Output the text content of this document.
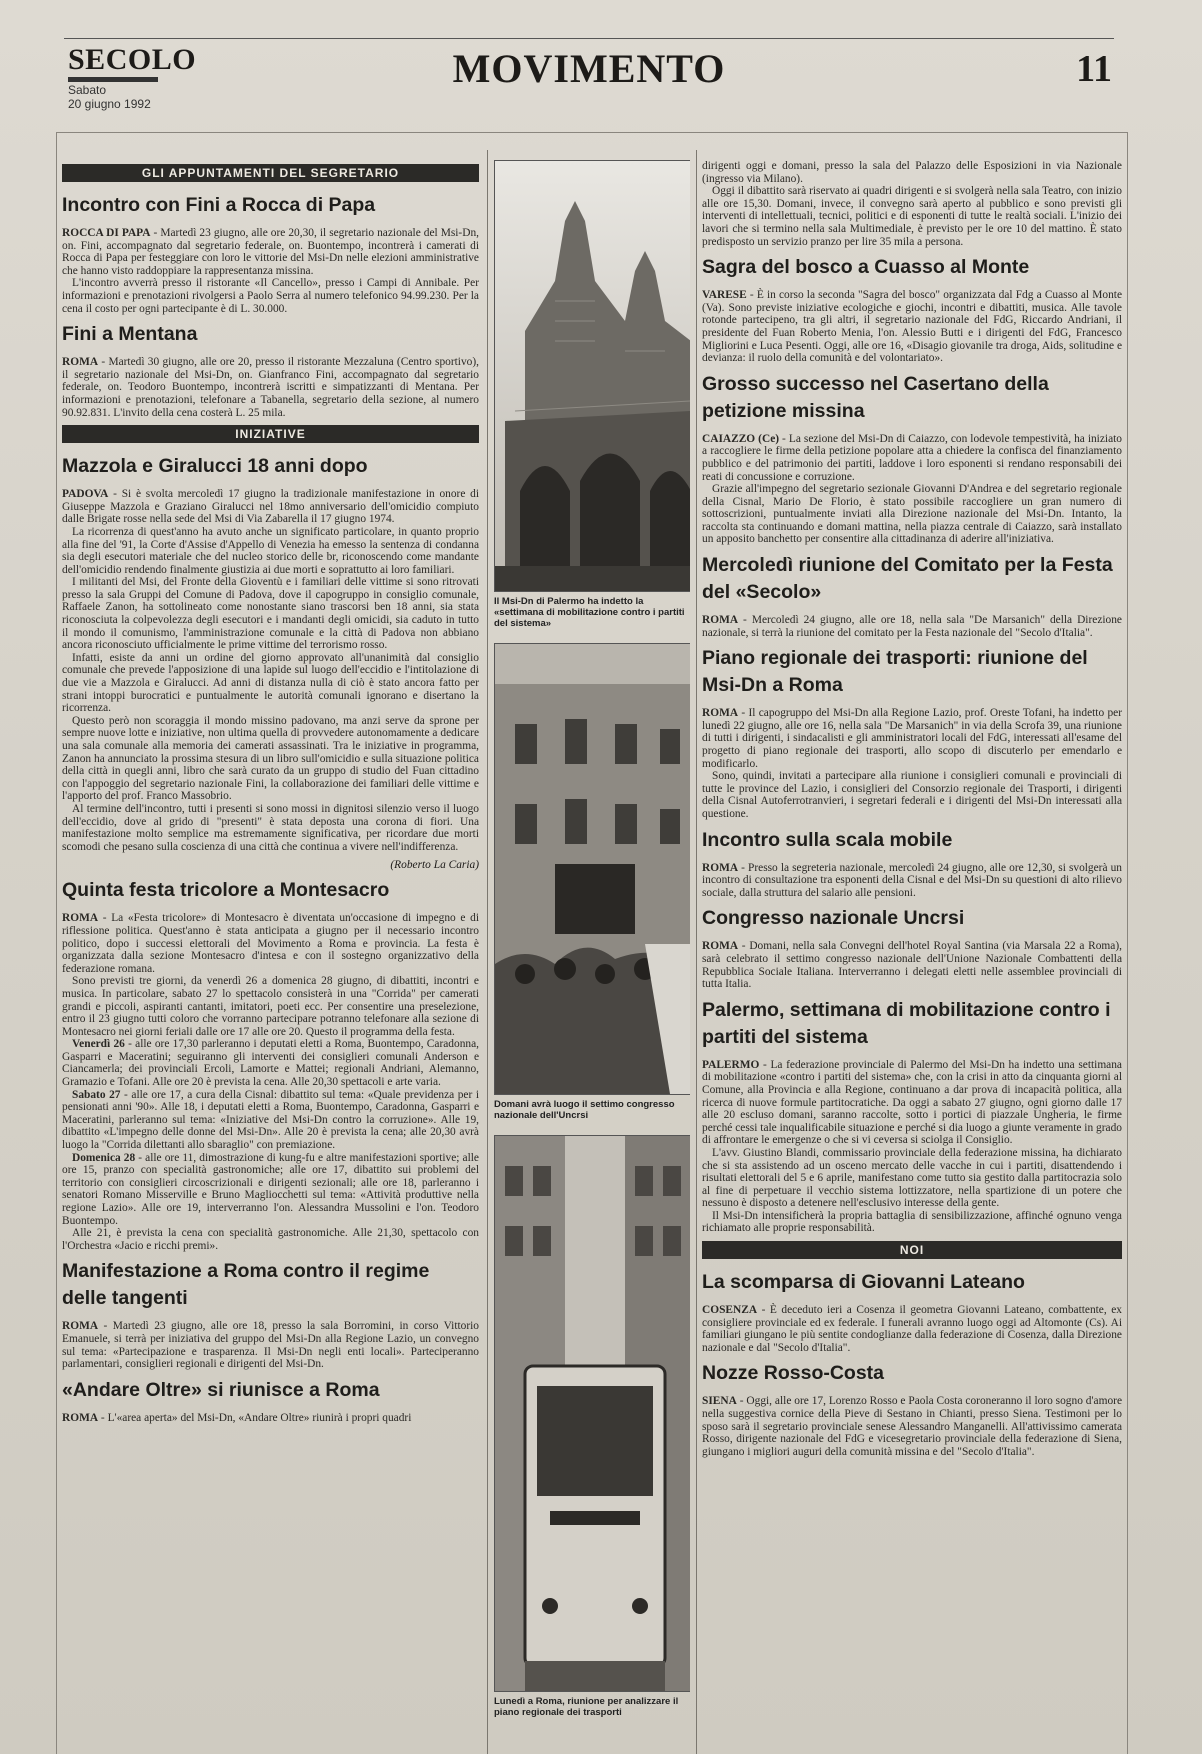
SECOLO
Sabato
20 giugno 1992
MOVIMENTO	11
GLI APPUNTAMENTI DEL SEGRETARIO
Incontro con Fini a Rocca di Papa

ROCCA DI PAPA - Martedì 23 giugno, alle ore 20,30, il segretario nazionale del Msi-Dn, on. Fini, accompagnato dal segretario federale, on. Buontempo, incontrerà i camerati di Rocca di Papa per festeggiare con loro le vittorie del Msi-Dn nelle elezioni amministrative che hanno visto raddoppiare la rappresentanza missina.

L'incontro avverrà presso il ristorante «Il Cancello», presso i Campi di Annibale. Per informazioni e prenotazioni rivolgersi a Paolo Serra al numero telefonico 94.99.230. Per la cena il costo per ogni partecipante è di L. 30.000.

Fini a Mentana

ROMA - Martedì 30 giugno, alle ore 20, presso il ristorante Mezzaluna (Centro sportivo), il segretario nazionale del Msi-Dn, on. Gianfranco Fini, accompagnato dal segretario federale, on. Teodoro Buontempo, incontrerà iscritti e simpatizzanti di Mentana. Per informazioni e prenotazioni, telefonare a Tabanella, segretario della sezione, al numero 90.92.831. L'invito della cena costerà L. 25 mila.

INIZIATIVE
Mazzola e Giralucci 18 anni dopo

PADOVA - Si è svolta mercoledì 17 giugno la tradizionale manifestazione in onore di Giuseppe Mazzola e Graziano Giralucci nel 18mo anniversario dell'omicidio compiuto dalle Brigate rosse nella sede del Msi di Via Zabarella il 17 giugno 1974.

La ricorrenza di quest'anno ha avuto anche un significato particolare, in quanto proprio alla fine del '91, la Corte d'Assise d'Appello di Venezia ha emesso la sentenza di condanna sia degli esecutori materiale che del nucleo storico delle br, riconoscendo come mandante dell'omicidio rendendo finalmente giustizia ai due morti e soprattutto ai loro familiari.

I militanti del Msi, del Fronte della Gioventù e i familiari delle vittime si sono ritrovati presso la sala Gruppi del Comune di Padova, dove il capogruppo in consiglio comunale, Raffaele Zanon, ha sottolineato come nonostante siano trascorsi ben 18 anni, sia stata riconosciuta la colpevolezza degli esecutori e i mandanti degli omicidi, sia caduto in tutto il mondo il comunismo, l'amministrazione comunale e la città di Padova non abbiano ancora riconosciuto ufficialmente le prime vittime del terrorismo rosso.

Infatti, esiste da anni un ordine del giorno approvato all'unanimità dal consiglio comunale che prevede l'apposizione di una lapide sul luogo dell'eccidio e l'intitolazione di due vie a Mazzola e Giralucci. Ad anni di distanza nulla di ciò è stato ancora fatto per strani intoppi burocratici e puntualmente le autorità comunali ignorano e disertano la ricorrenza.

Questo però non scoraggia il mondo missino padovano, ma anzi serve da sprone per sempre nuove lotte e iniziative, non ultima quella di provvedere autonomamente a dedicare una sala comunale alla memoria dei camerati assassinati. Tra le iniziative in programma, Zanon ha annunciato la prossima stesura di un libro sull'omicidio e sulla situazione politica della città in quegli anni, libro che sarà curato da un gruppo di studio del Fuan cittadino con l'appoggio del segretario nazionale Fini, la collaborazione dei familiari delle vittime e l'apporto del prof. Franco Massobrio.

Al termine dell'incontro, tutti i presenti si sono mossi in dignitosi silenzio verso il luogo dell'eccidio, dove al grido di "presenti" è stata deposta una corona di fiori. Una manifestazione molto semplice ma estremamente significativa, per ricordare due morti scomodi che pesano sulla coscienza di una città che continua a vivere nell'indifferenza.

(Roberto La Caria)
Quinta festa tricolore a Montesacro

ROMA - La «Festa tricolore» di Montesacro è diventata un'occasione di impegno e di riflessione politica. Quest'anno è stata anticipata a giugno per il necessario incontro politico, dopo i successi elettorali del Movimento a Roma e provincia. La festa è organizzata dalla sezione Montesacro d'intesa e con il sostegno organizzativo della federazione romana.

Sono previsti tre giorni, da venerdì 26 a domenica 28 giugno, di dibattiti, incontri e musica. In particolare, sabato 27 lo spettacolo consisterà in una "Corrida" per camerati grandi e piccoli, aspiranti cantanti, imitatori, poeti ecc. Per consentire una preselezione, entro il 23 giugno tutti coloro che vorranno partecipare potranno telefonare alla sezione di Montesacro nei giorni feriali dalle ore 17 alle ore 20. Questo il programma della festa.

Venerdì 26 - alle ore 17,30 parleranno i deputati eletti a Roma, Buontempo, Caradonna, Gasparri e Maceratini; seguiranno gli interventi dei consiglieri comunali Anderson e Ciancamerla; dei provinciali Ercoli, Lamorte e Mattei; regionali Andriani, Alemanno, Gramazio e Tofani. Alle ore 20 è prevista la cena. Alle 20,30 spettacoli e arte varia.

Sabato 27 - alle ore 17, a cura della Cisnal: dibattito sul tema: «Quale previdenza per i pensionati anni '90». Alle 18, i deputati eletti a Roma, Buontempo, Caradonna, Gasparri e Maceratini, parleranno sul tema: «Iniziative del Msi-Dn contro la corruzione». Alle 19, dibattito «L'impegno delle donne del Msi-Dn». Alle 20 è prevista la cena; alle 20,30 avrà luogo la "Corrida dilettanti allo sbaraglio" con premiazione.

Domenica 28 - alle ore 11, dimostrazione di kung-fu e altre manifestazioni sportive; alle ore 15, pranzo con specialità gastronomiche; alle ore 17, dibattito sui problemi del territorio con consiglieri circoscrizionali e dirigenti sezionali; alle ore 18, parleranno i senatori Romano Misserville e Bruno Magliocchetti sul tema: «Attività produttive nella regione Lazio». Alle ore 19, interverranno l'on. Alessandra Mussolini e l'on. Teodoro Buontempo.

Alle 21, è prevista la cena con specialità gastronomiche. Alle 21,30, spettacolo con l'Orchestra «Jacio e ricchi premi».

Manifestazione a Roma contro il regime delle tangenti

ROMA - Martedì 23 giugno, alle ore 18, presso la sala Borromini, in corso Vittorio Emanuele, si terrà per iniziativa del gruppo del Msi-Dn alla Regione Lazio, un convegno sul tema: «Partecipazione e trasparenza. Il Msi-Dn negli enti locali». Parteciperanno parlamentari, consiglieri regionali e dirigenti del Msi-Dn.

«Andare Oltre» si riunisce a Roma

ROMA - L'«area aperta» del Msi-Dn, «Andare Oltre» riunirà i propri quadri

Il Msi-Dn di Palermo ha indetto la «settimana di mobilitazione contro i partiti del sistema»
Domani avrà luogo il settimo congresso nazionale dell'Uncrsi
Lunedì a Roma, riunione per analizzare il piano regionale dei trasporti

dirigenti oggi e domani, presso la sala del Palazzo delle Esposizioni in via Nazionale (ingresso via Milano).

Oggi il dibattito sarà riservato ai quadri dirigenti e si svolgerà nella sala Teatro, con inizio alle ore 15,30. Domani, invece, il convegno sarà aperto al pubblico e sono previsti gli interventi di intellettuali, tecnici, politici e di esponenti di tutte le realtà sociali. L'inizio dei lavori che si termino nella sala Multimediale, è previsto per le ore 10 del mattino. È stato predisposto un servizio pranzo per lire 35 mila a persona.

Sagra del bosco a Cuasso al Monte

VARESE - È in corso la seconda "Sagra del bosco" organizzata dal Fdg a Cuasso al Monte (Va). Sono previste iniziative ecologiche e giochi, incontri e dibattiti, musica. Alle tavole rotonde partecipeno, tra gli altri, il segretario nazionale del FdG, Riccardo Andriani, il presidente del Fuan Roberto Menia, l'on. Alessio Butti e i dirigenti del FdG, Francesco Migliorini e Luca Pesenti. Oggi, alle ore 16, «Disagio giovanile tra droga, Aids, solitudine e devianza: il ruolo della comunità e del volontariato».

Grosso successo nel Casertano della petizione missina

CAIAZZO (Ce) - La sezione del Msi-Dn di Caiazzo, con lodevole tempestività, ha iniziato a raccogliere le firme della petizione popolare atta a chiedere la confisca del finanziamento pubblico e del patrimonio dei partiti, laddove i loro esponenti si rendano responsabili dei reati di concussione e corruzione.

Grazie all'impegno del segretario sezionale Giovanni D'Andrea e del segretario regionale della Cisnal, Mario De Florio, è stato possibile raccogliere un gran numero di sottoscrizioni, puntualmente inviati alla Direzione nazionale del Msi-Dn. Intanto, la raccolta sta continuando e domani mattina, nella piazza centrale di Caiazzo, sarà installato un apposito banchetto per consentire alla cittadinanza di aderire all'iniziativa.

Mercoledì riunione del Comitato per la Festa del «Secolo»

ROMA - Mercoledì 24 giugno, alle ore 18, nella sala "De Marsanich" della Direzione nazionale, si terrà la riunione del comitato per la Festa nazionale del "Secolo d'Italia".

Piano regionale dei trasporti: riunione del Msi-Dn a Roma

ROMA - Il capogruppo del Msi-Dn alla Regione Lazio, prof. Oreste Tofani, ha indetto per lunedì 22 giugno, alle ore 16, nella sala "De Marsanich" in via della Scrofa 39, una riunione di tutti i dirigenti, i sindacalisti e gli amministratori locali del FdG, interessati all'esame del progetto di piano regionale dei trasporti, allo scopo di discuterlo per emendarlo e modificarlo.

Sono, quindi, invitati a partecipare alla riunione i consiglieri comunali e provinciali di tutte le province del Lazio, i consiglieri del Consorzio regionale dei Trasporti, i dirigenti della Cisnal Autoferrotranvieri, i segretari federali e i dirigenti del Msi-Dn interessati alla questione.

Incontro sulla scala mobile

ROMA - Presso la segreteria nazionale, mercoledì 24 giugno, alle ore 12,30, si svolgerà un incontro di consultazione tra esponenti della Cisnal e del Msi-Dn su questioni di alto rilievo sociale, dalla struttura del salario alle pensioni.

Congresso nazionale Uncrsi

ROMA - Domani, nella sala Convegni dell'hotel Royal Santina (via Marsala 22 a Roma), sarà celebrato il settimo congresso nazionale dell'Unione Nazionale Combattenti della Repubblica Sociale Italiana. Interverranno i delegati eletti nelle assemblee provinciali di tutta Italia.

Palermo, settimana di mobilitazione contro i partiti del sistema

PALERMO - La federazione provinciale di Palermo del Msi-Dn ha indetto una settimana di mobilitazione «contro i partiti del sistema» che, con la crisi in atto da cinquanta giorni al Comune, alla Provincia e alla Regione, continuano a dar prova di incapacità politica, alla ricerca di nuove formule partitocratiche. Da oggi a sabato 27 giugno, ogni giorno dalle 17 alle 20 escluso domani, saranno raccolte, sotto i portici di piazzale Ungheria, le firme perché cessi tale inqualificabile situazione e perché si dia luogo a giunte veramente in grado di affrontare le emergenze o che si vi ceversa si sciolga il Consiglio.

L'avv. Giustino Blandi, commissario provinciale della federazione missina, ha dichiarato che si sta assistendo ad un osceno mercato delle vacche in cui i partiti, disattendendo i risultati elettorali del 5 e 6 aprile, manifestano come tutto sia gestito dalla partitocrazia solo al fine di perpetuare il vecchio sistema lottizzatore, nella spartizione di un potere che nessuno è disposto a detenere nell'esclusivo interesse della gente.

Il Msi-Dn intensificherà la propria battaglia di sensibilizzazione, affinché ognuno venga richiamato alle proprie responsabilità.

NOI
La scomparsa di Giovanni Lateano

COSENZA - È deceduto ieri a Cosenza il geometra Giovanni Lateano, combattente, ex consigliere provinciale ed ex federale. I funerali avranno luogo oggi ad Altomonte (Cs). Ai familiari giungano le più sentite condoglianze dalla federazione di Cosenza, dalla Direzione nazionale e dal "Secolo d'Italia".

Nozze Rosso-Costa

SIENA - Oggi, alle ore 17, Lorenzo Rosso e Paola Costa coroneranno il loro sogno d'amore nella suggestiva cornice della Pieve di Sestano in Chianti, presso Siena. Testimoni per lo sposo sarà il segretario provinciale senese Alessandro Manganelli. All'attivissimo camerata Rosso, dirigente nazionale del FdG e vicesegretario provinciale della federazione di Siena, giungano i migliori auguri della comunità missina e del "Secolo d'Italia".
